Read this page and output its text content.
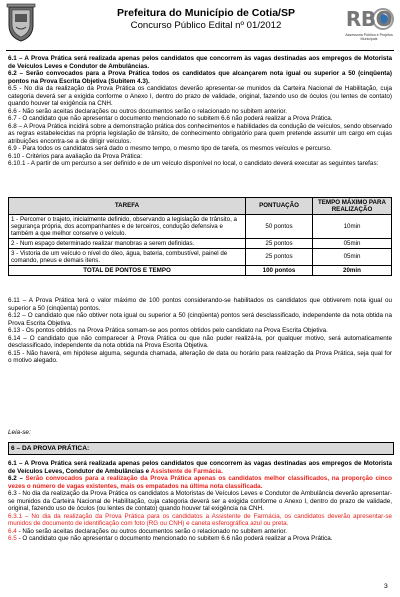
Prefeitura do Município de Cotia/SP
Concurso Público Edital nº 01/2012	RBO
Assessoria Pública e Projetos Municipais

6.1 – A Prova Prática será realizada apenas pelos candidatos que concorrem às vagas destinadas aos empregos de Motorista de Veículos Leves e Condutor de Ambulâncias.

6.2 – Serão convocados para a Prova Prática todos os candidatos que alcançarem nota igual ou superior a 50 (cinqüenta) pontos na Prova Escrita Objetiva (Subitem 4.3).

6.5 - No dia da realização da Prova Prática os candidatos deverão apresentar-se munidos da Carteira Nacional de Habilitação, cuja categoria deverá ser a exigida conforme o Anexo I, dentro do prazo de validade, original, fazendo uso de óculos (ou lentes de contato) quando houver tal exigência na CNH.

6.6 - Não serão aceitas declarações ou outros documentos serão o relacionado no subitem anterior.

6.7 - O candidato que não apresentar o documento mencionado no subitem 6.6 não poderá realizar a Prova Prática.

6.8 – A Prova Prática incidirá sobre a demonstração prática dos conhecimentos e habilidades da condução de veículos, sendo observado as regras estabelecidas na própria legislação de trânsito, de conhecimento obrigatório para quem pretende assumir um cargo em cujas atribuições encontra-se a de dirigir veículos.

6.9 - Para todos os candidatos será dado o mesmo tempo, o mesmo tipo de tarefa, os mesmos veículos e percurso.

6.10 - Critérios para avaliação da Prova Prática:

6.10.1 - A partir de um percurso a ser definido e de um veículo disponível no local, o candidato deverá executar as seguintes tarefas:

TAREFA	PONTUAÇÃO	TEMPO MÁXIMO PARA REALIZAÇÃO
1 - Percorrer o trajeto, inicialmente definido, observando a legislação de trânsito, a segurança própria, dos acompanhantes e de terceiros, condução defensiva e também a que melhor conserve o veículo.	50 pontos	10min
2 - Num espaço determinado realizar manobras a serem definidas.	25 pontos	05min
3 - Vistoria de um veículo o nível do óleo, água, bateria, combustível, painel de comando, pneus e demais itens.	25 pontos	05min
TOTAL DE PONTOS E TEMPO	100 pontos	20min

6.11 – A Prova Prática terá o valor máximo de 100 pontos considerando-se habilitados os candidatos que obtiverem nota igual ou superior a 50 (cinqüenta) pontos.

6.12 – O candidato que não obtiver nota igual ou superior a 50 (cinqüenta) pontos será desclassificado, independente da nota obtida na Prova Escrita Objetiva.

6.13 - Os pontos obtidos na Prova Prática somam-se aos pontos obtidos pelo candidato na Prova Escrita Objetiva.

6.14 – O candidato que não comparecer à Prova Prática ou que não puder realizá-la, por qualquer motivo, será automaticamente desclassificado, independente da nota obtida na Prova Escrita Objetiva.

6.15 - Não haverá, em hipótese alguma, segunda chamada, alteração de data ou horário para realização da Prova Prática, seja qual for o motivo alegado.

Leia-se:
6 – DA PROVA PRÁTICA:

6.1 – A Prova Prática será realizada apenas pelos candidatos que concorrem às vagas destinadas aos empregos de Motorista de Veículos Leves, Condutor de Ambulâncias e Assistente de Farmácia.

6.2 – Serão convocados para a realização da Prova Prática apenas os candidatos melhor classificados, na proporção cinco vezes o número de vagas existentes, mais os empatados na última nota classificada.

6.3 - No dia da realização da Prova Prática os candidatos a Motoristas de Veículos Leves e Condutor de Ambulância deverão apresentar-se munidos da Carteira Nacional de Habilitação, cuja categoria deverá ser a exigida conforme o Anexo I, dentro do prazo de validade, original, fazendo uso de óculos (ou lentes de contato) quando houver tal exigência na CNH.

6.3.1 – No dia da realização da Prova Prática para os candidatos a Assistente de Farmácia, os candidatos deverão apresentar-se munidos de documento de identificação com foto (RG ou CNH) e caneta esferográfica azul ou preta.

6.4 - Não serão aceitas declarações ou outros documentos serão o relacionado no subitem anterior.

6.5 - O candidato que não apresentar o documento mencionado no subitem 6.6 não poderá realizar a Prova Prática.

3
